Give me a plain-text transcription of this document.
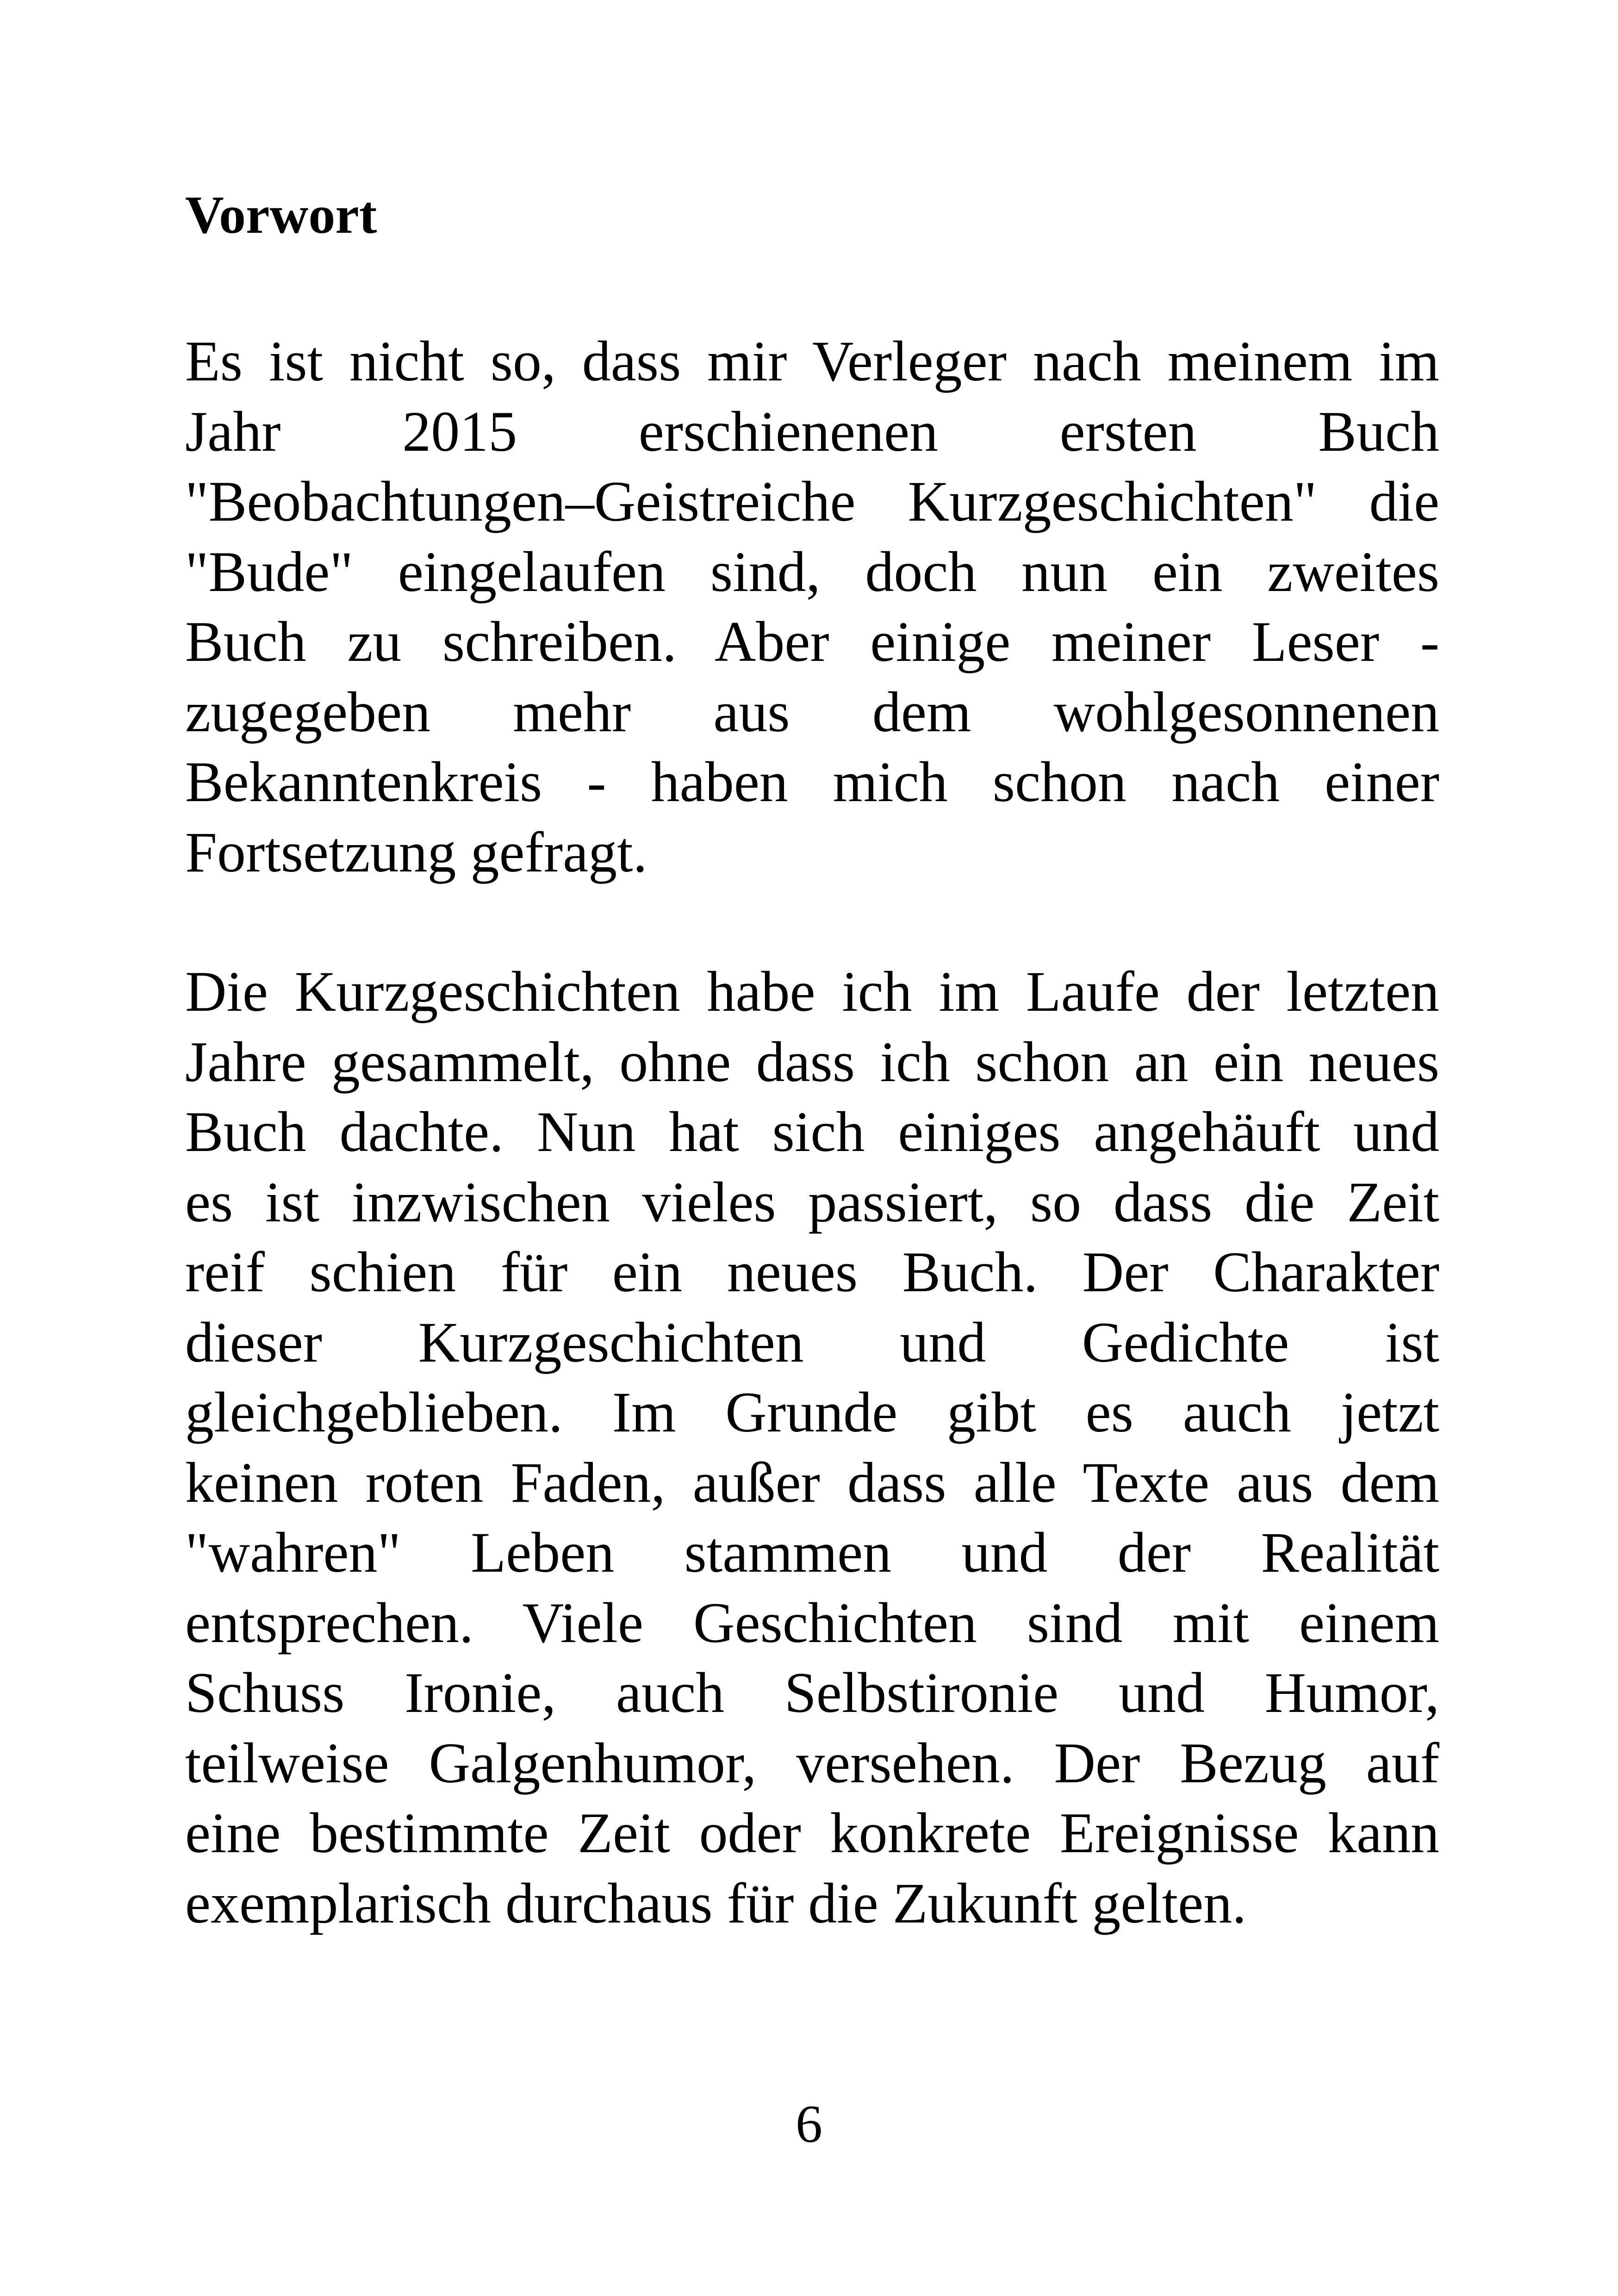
Vorwort

Es ist nicht so, dass mir Verleger nach meinem im
Jahr 2015 erschienenen ersten Buch
"Beobachtungen–Geistreiche Kurzgeschichten" die
"Bude" eingelaufen sind, doch nun ein zweites
Buch zu schreiben. Aber einige meiner Leser -
zugegeben mehr aus dem wohlgesonnenen
Bekanntenkreis - haben mich schon nach einer
Fortsetzung gefragt.

Die Kurzgeschichten habe ich im Laufe der letzten
Jahre gesammelt, ohne dass ich schon an ein neues
Buch dachte. Nun hat sich einiges angehäuft und
es ist inzwischen vieles passiert, so dass die Zeit
reif schien für ein neues Buch. Der Charakter
dieser Kurzgeschichten und Gedichte ist
gleichgeblieben. Im Grunde gibt es auch jetzt
keinen roten Faden, außer dass alle Texte aus dem
"wahren" Leben stammen und der Realität
entsprechen. Viele Geschichten sind mit einem
Schuss Ironie, auch Selbstironie und Humor,
teilweise Galgenhumor, versehen. Der Bezug auf
eine bestimmte Zeit oder konkrete Ereignisse kann
exemplarisch durchaus für die Zukunft gelten.

6
